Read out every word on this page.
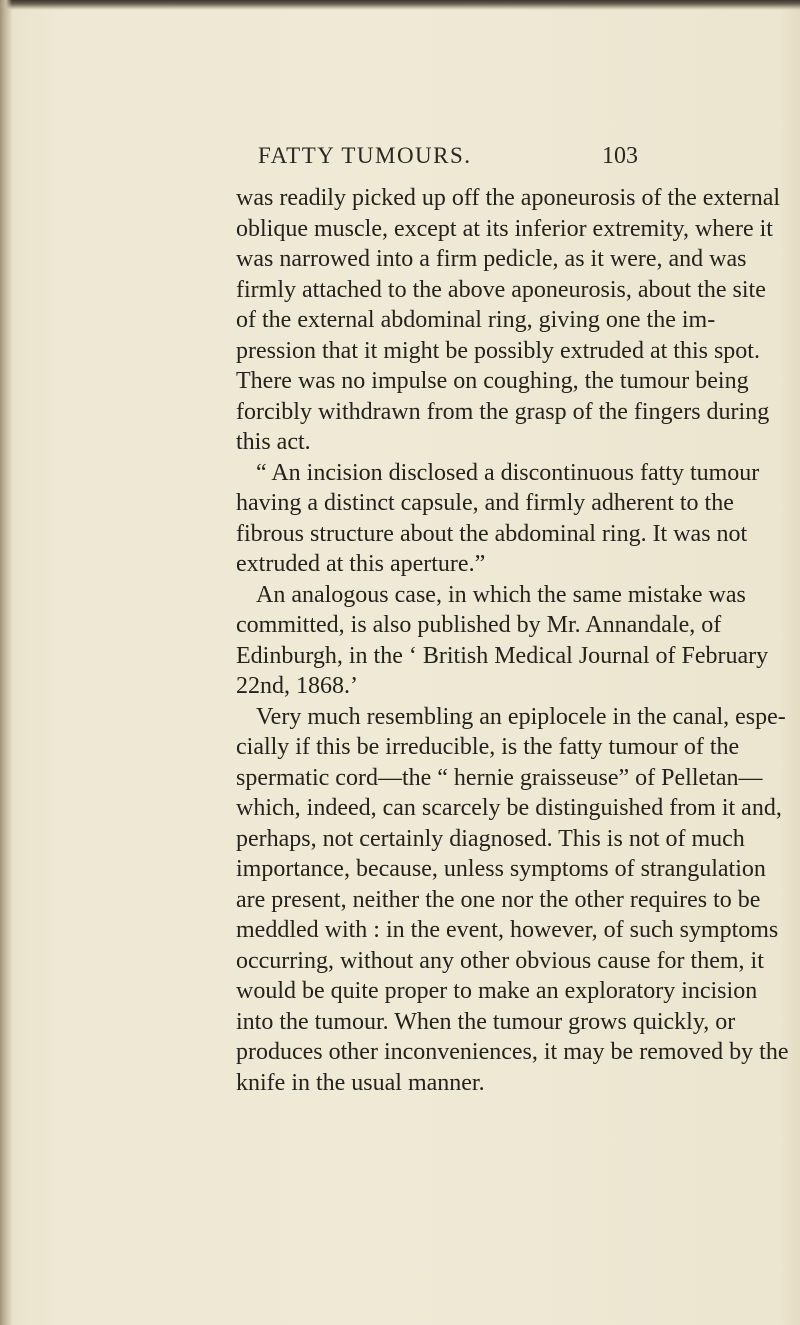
FATTY TUMOURS.	103
was readily picked up off the aponeurosis of the external
oblique muscle, except at its inferior extremity, where it
was narrowed into a firm pedicle, as it were, and was
firmly attached to the above aponeurosis, about the site
of the external abdominal ring, giving one the im-
pression that it might be possibly extruded at this spot.
There was no impulse on coughing, the tumour being
forcibly withdrawn from the grasp of the fingers during
this act.
“ An incision disclosed a discontinuous fatty tumour
having a distinct capsule, and firmly adherent to the
fibrous structure about the abdominal ring. It was not
extruded at this aperture.”
An analogous case, in which the same mistake was
committed, is also published by Mr. Annandale, of
Edinburgh, in the ‘ British Medical Journal of February
22nd, 1868.’
Very much resembling an epiplocele in the canal, espe-
cially if this be irreducible, is the fatty tumour of the
spermatic cord—the “ hernie graisseuse” of Pelletan—
which, indeed, can scarcely be distinguished from it and,
perhaps, not certainly diagnosed. This is not of much
importance, because, unless symptoms of strangulation
are present, neither the one nor the other requires to be
meddled with : in the event, however, of such symptoms
occurring, without any other obvious cause for them, it
would be quite proper to make an exploratory incision
into the tumour. When the tumour grows quickly, or
produces other inconveniences, it may be removed by the
knife in the usual manner.
